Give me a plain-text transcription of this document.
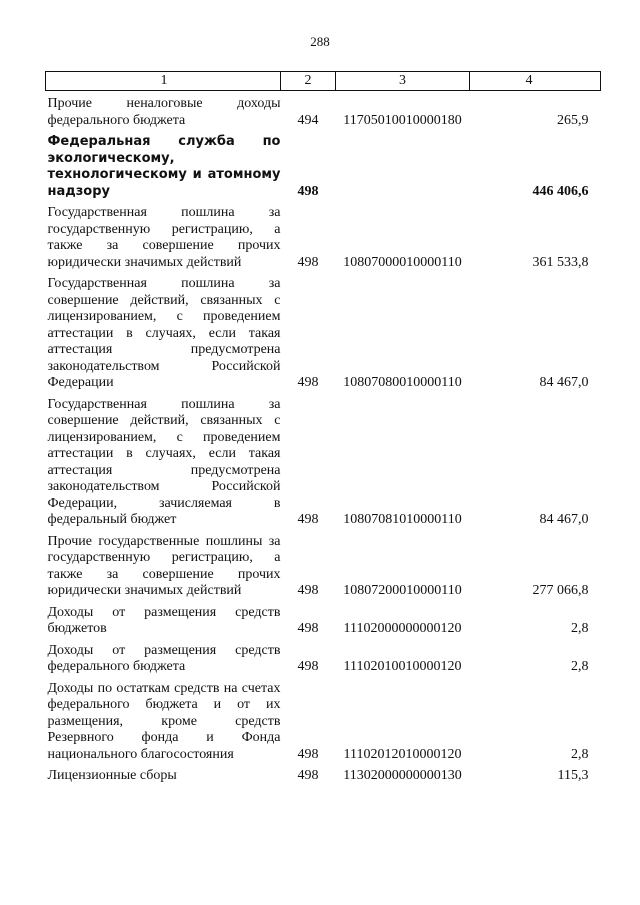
288
1	2	3	4
Прочие неналоговые доходы федерального бюджета	494	11705010010000180	265,9
Федеральная служба по экологическому, технологическому и атомному надзору	498		446 406,6
Государственная пошлина за государственную регистрацию, а также за совершение прочих юридически значимых действий	498	10807000010000110	361 533,8
Государственная пошлина за совершение действий, связанных с лицензированием, с проведением аттестации в случаях, если такая аттестация предусмотрена законодательством Российской Федерации	498	10807080010000110	84 467,0
Государственная пошлина за совершение действий, связанных с лицензированием, с проведением аттестации в случаях, если такая аттестация предусмотрена законодательством Российской Федерации, зачисляемая в федеральный бюджет	498	10807081010000110	84 467,0
Прочие государственные пошлины за государственную регистрацию, а также за совершение прочих юридически значимых действий	498	10807200010000110	277 066,8
Доходы от размещения средств бюджетов	498	11102000000000120	2,8
Доходы от размещения средств федерального бюджета	498	11102010010000120	2,8
Доходы по остаткам средств на счетах федерального бюджета и от их размещения, кроме средств Резервного фонда и Фонда национального благосостояния	498	11102012010000120	2,8
Лицензионные сборы	498	11302000000000130	115,3
